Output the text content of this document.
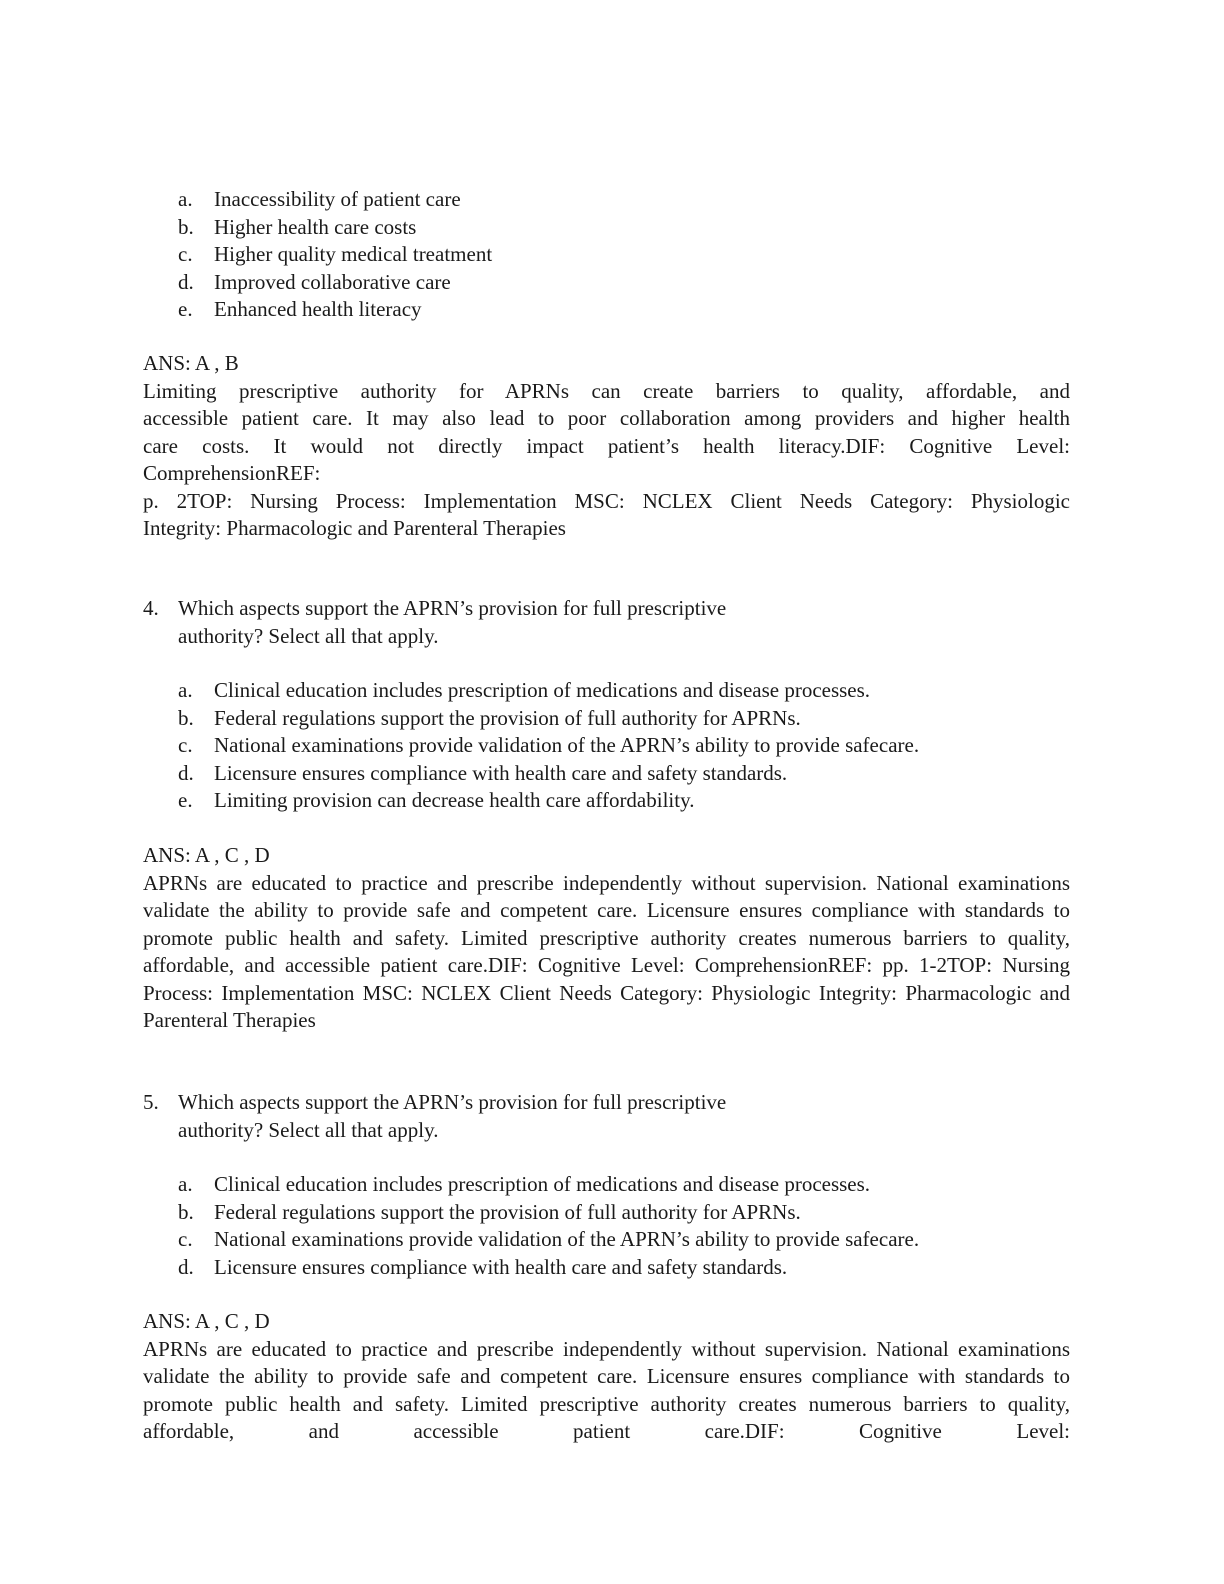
a. Inaccessibility of patient care
b. Higher health care costs
c. Higher quality medical treatment
d. Improved collaborative care
e. Enhanced health literacy
ANS: A , B
Limiting prescriptive authority for APRNs can create barriers to quality, affordable, and
accessible patient care. It may also lead to poor collaboration among providers and higher health
care costs. It would not directly impact patient’s health literacy.DIF: Cognitive Level:
ComprehensionREF:
p. 2TOP: Nursing Process: Implementation MSC: NCLEX Client Needs Category: Physiologic
Integrity: Pharmacologic and Parenteral Therapies
4. Which aspects support the APRN’s provision for full prescriptive
authority? Select all that apply.
a. Clinical education includes prescription of medications and disease processes.
b. Federal regulations support the provision of full authority for APRNs.
c. National examinations provide validation of the APRN’s ability to provide safecare.
d. Licensure ensures compliance with health care and safety standards.
e. Limiting provision can decrease health care affordability.
ANS: A , C , D
APRNs are educated to practice and prescribe independently without supervision. National examinations validate the ability to provide safe and competent care. Licensure ensures compliance with standards to promote public health and safety. Limited prescriptive authority creates numerous barriers to quality, affordable, and accessible patient care.DIF: Cognitive Level: ComprehensionREF: pp. 1-2TOP: Nursing Process: Implementation MSC: NCLEX Client Needs Category: Physiologic Integrity: Pharmacologic and Parenteral Therapies
5. Which aspects support the APRN’s provision for full prescriptive
authority? Select all that apply.
a. Clinical education includes prescription of medications and disease processes.
b. Federal regulations support the provision of full authority for APRNs.
c. National examinations provide validation of the APRN’s ability to provide safecare.
d. Licensure ensures compliance with health care and safety standards.
ANS: A , C , D
APRNs are educated to practice and prescribe independently without supervision. National examinations validate the ability to provide safe and competent care. Licensure ensures compliance with standards to promote public health and safety. Limited prescriptive authority creates numerous barriers to quality, affordable, and accessible patient care.DIF: Cognitive Level:
